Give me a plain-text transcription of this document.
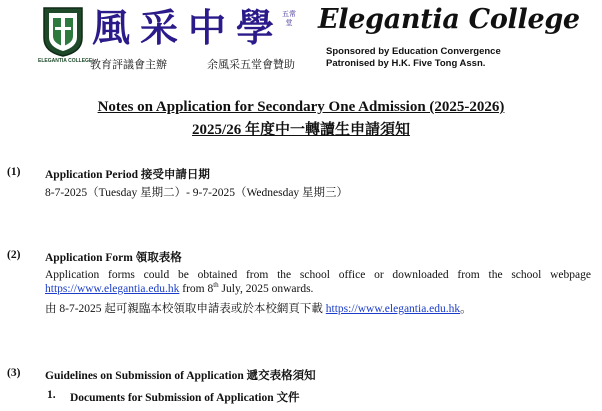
ELEGANTIA COLLEGE
風采中學
五常堂
教育評議會主辦	余風采五堂會贊助
Elegantia College
Sponsored by Education Convergence
Patronised by H.K. Five Tong Assn.
Notes on Application for Secondary One Admission (2025-2026)
2025/26 年度中一轉讀生申請須知
(1) Application Period 接受申請日期
8-7-2025（Tuesday 星期二）- 9-7-2025（Wednesday 星期三）
(2) Application Form 領取表格
Application forms could be obtained from the school office or downloaded from the school webpage
https://www.elegantia.edu.hk from 8th July, 2025 onwards.
由 8-7-2025 起可親臨本校領取申請表或於本校網頁下載 https://www.elegantia.edu.hk。
(3) Guidelines on Submission of Application 遞交表格須知
1. Documents for Submission of Application 文件
